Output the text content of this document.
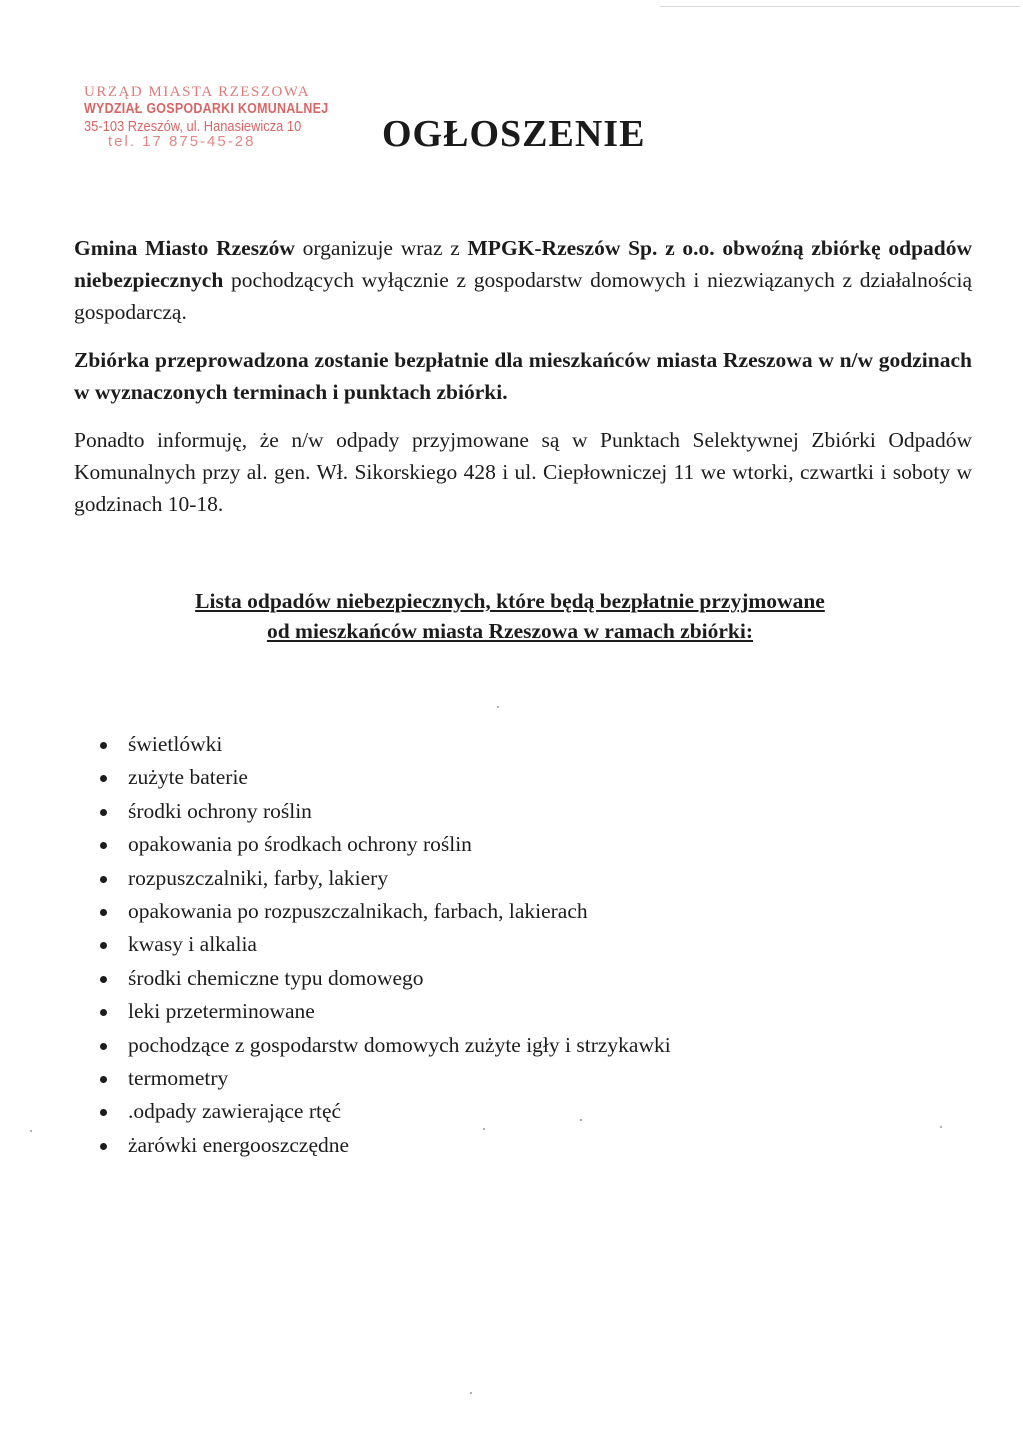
URZĄD MIASTA RZESZOWA
WYDZIAŁ GOSPODARKI KOMUNALNEJ
35-103 Rzeszów, ul. Hanasiewicza 10
tel. 17 875-45-28	OGŁOSZENIE

Gmina Miasto Rzeszów organizuje wraz z MPGK-Rzeszów Sp. z o.o. obwoźną zbiórkę odpadów niebezpiecznych pochodzących wyłącznie z gospodarstw domowych i niezwiązanych z działalnością gospodarczą.

Zbiórka przeprowadzona zostanie bezpłatnie dla mieszkańców miasta Rzeszowa w n/w godzinach w wyznaczonych terminach i punktach zbiórki.

Ponadto informuję, że n/w odpady przyjmowane są w Punktach Selektywnej Zbiórki Odpadów Komunalnych przy al. gen. Wł. Sikorskiego 428 i ul. Ciepłowniczej 11 we wtorki, czwartki i soboty w godzinach 10-18.

Lista odpadów niebezpiecznych, które będą bezpłatnie przyjmowane
od mieszkańców miasta Rzeszowa w ramach zbiórki:
świetlówki
zużyte baterie
środki ochrony roślin
opakowania po środkach ochrony roślin
rozpuszczalniki, farby, lakiery
opakowania po rozpuszczalnikach, farbach, lakierach
kwasy i alkalia
środki chemiczne typu domowego
leki przeterminowane
pochodzące z gospodarstw domowych zużyte igły i strzykawki
termometry
.odpady zawierające rtęć
żarówki energooszczędne
